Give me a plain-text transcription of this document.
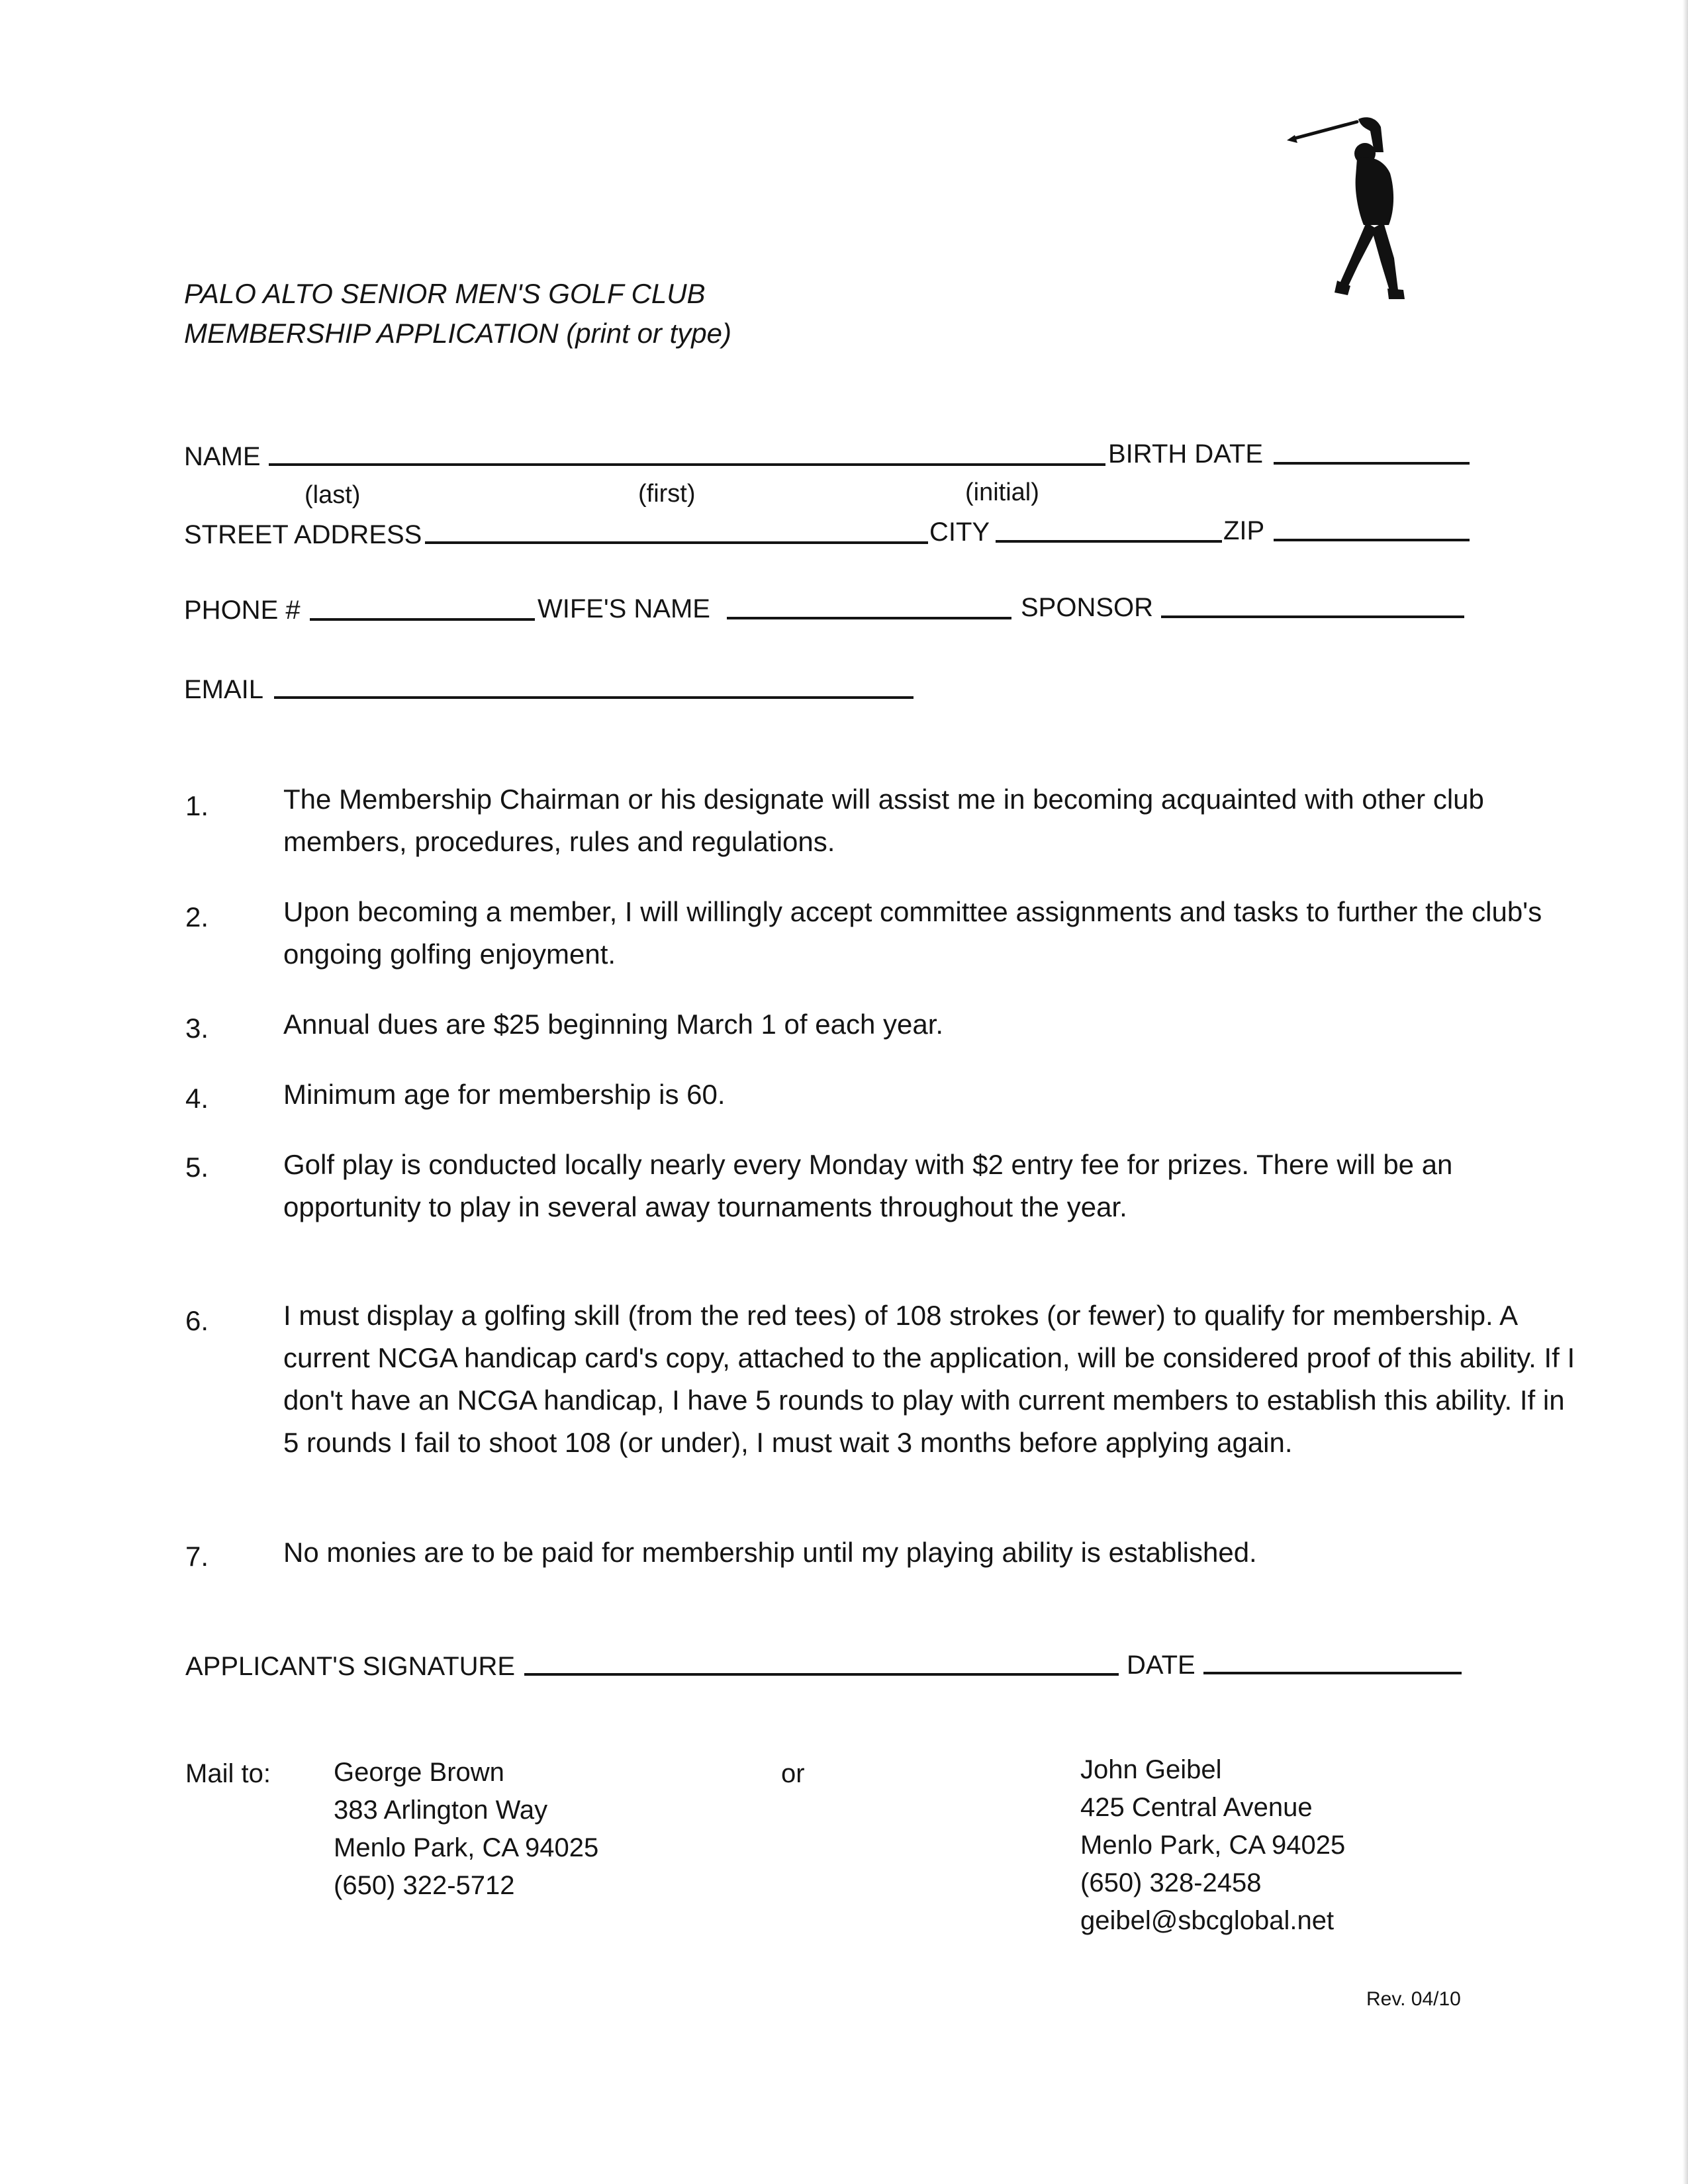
PALO ALTO SENIOR MEN'S GOLF CLUB
MEMBERSHIP APPLICATION (print or type)
NAME	BIRTH DATE
(last)	(first)	(initial)
STREET ADDRESS	CITY	ZIP
PHONE #	WIFE'S NAME	SPONSOR
EMAIL
1.	The Membership Chairman or his designate will assist me in becoming acquainted with other club members, procedures, rules and regulations.
2.	Upon becoming a member, I will willingly accept committee assignments and tasks to further the club's ongoing golfing enjoyment.
3.	Annual dues are $25 beginning March 1 of each year.
4.	Minimum age for membership is 60.
5.	Golf play is conducted locally nearly every Monday with $2 entry fee for prizes. There will be an opportunity to play in several away tournaments throughout the year.
6.	I must display a golfing skill (from the red tees) of 108 strokes (or fewer) to qualify for membership. A current NCGA handicap card's copy, attached to the application, will be considered proof of this ability. If I don't have an NCGA handicap, I have 5 rounds to play with current members to establish this ability. If in 5 rounds I fail to shoot 108 (or under), I must wait 3 months before applying again.
7.	No monies are to be paid for membership until my playing ability is established.
APPLICANT'S SIGNATURE	DATE
Mail to: George Brown
383 Arlington Way
Menlo Park, CA 94025
(650) 322-5712
or	John Geibel
425 Central Avenue
Menlo Park, CA 94025
(650) 328-2458
geibel@sbcglobal.net
Rev. 04/10
